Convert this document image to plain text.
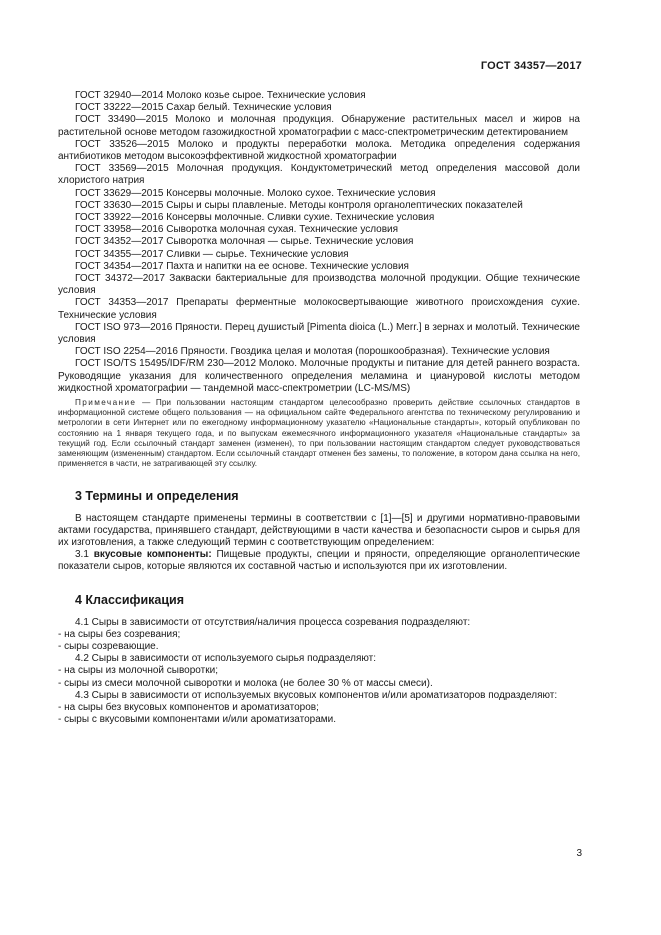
ГОСТ 34357—2017

ГОСТ 32940—2014 Молоко козье сырое. Технические условия

ГОСТ 33222—2015 Сахар белый. Технические условия

ГОСТ 33490—2015 Молоко и молочная продукция. Обнаружение растительных масел и жиров на растительной основе методом газожидкостной хроматографии с масс-спектрометрическим детектированием

ГОСТ 33526—2015 Молоко и продукты переработки молока. Методика определения содержания антибиотиков методом высокоэффективной жидкостной хроматографии

ГОСТ 33569—2015 Молочная продукция. Кондуктометрический метод определения массовой доли хлористого натрия

ГОСТ 33629—2015 Консервы молочные. Молоко сухое. Технические условия

ГОСТ 33630—2015 Сыры и сыры плавленые. Методы контроля органолептических показателей

ГОСТ 33922—2016 Консервы молочные. Сливки сухие. Технические условия

ГОСТ 33958—2016 Сыворотка молочная сухая. Технические условия

ГОСТ 34352—2017 Сыворотка молочная — сырье. Технические условия

ГОСТ 34355—2017 Сливки — сырье. Технические условия

ГОСТ 34354—2017 Пахта и напитки на ее основе. Технические условия

ГОСТ 34372—2017 Закваски бактериальные для производства молочной продукции. Общие технические условия

ГОСТ 34353—2017 Препараты ферментные молокосвертывающие животного происхождения сухие. Технические условия

ГОСТ ISO 973—2016 Пряности. Перец душистый [Pimenta dioica (L.) Merr.] в зернах и молотый. Технические условия

ГОСТ ISO 2254—2016 Пряности. Гвоздика целая и молотая (порошкообразная). Технические условия

ГОСТ ISO/TS 15495/IDF/RM 230—2012 Молоко. Молочные продукты и питание для детей раннего возраста. Руководящие указания для количественного определения меламина и циануровой кислоты методом жидкостной хроматографии — тандемной масс-спектрометрии (LC-MS/MS)

Примечание — При пользовании настоящим стандартом целесообразно проверить действие ссылочных стандартов в информационной системе общего пользования — на официальном сайте Федерального агентства по техническому регулированию и метрологии в сети Интернет или по ежегодному информационному указателю «Национальные стандарты», который опубликован по состоянию на 1 января текущего года, и по выпускам ежемесячного информационного указателя «Национальные стандарты» за текущий год. Если ссылочный стандарт заменен (изменен), то при пользовании настоящим стандартом следует руководствоваться заменяющим (измененным) стандартом. Если ссылочный стандарт отменен без замены, то положение, в котором дана ссылка на него, применяется в части, не затрагивающей эту ссылку.

3 Термины и определения

В настоящем стандарте применены термины в соответствии с [1]—[5] и другими нормативно-правовыми актами государства, принявшего стандарт, действующими в части качества и безопасности сыров и сырья для их изготовления, а также следующий термин с соответствующим определением:

3.1 вкусовые компоненты: Пищевые продукты, специи и пряности, определяющие органолептические показатели сыров, которые являются их составной частью и используются при их изготовлении.

4 Классификация

4.1 Сыры в зависимости от отсутствия/наличия процесса созревания подразделяют:

- на сыры без созревания;

- сыры созревающие.

4.2 Сыры в зависимости от используемого сырья подразделяют:

- на сыры из молочной сыворотки;

- сыры из смеси молочной сыворотки и молока (не более 30 % от массы смеси).

4.3 Сыры в зависимости от используемых вкусовых компонентов и/или ароматизаторов подразделяют:

- на сыры без вкусовых компонентов и ароматизаторов;

- сыры с вкусовыми компонентами и/или ароматизаторами.

3
